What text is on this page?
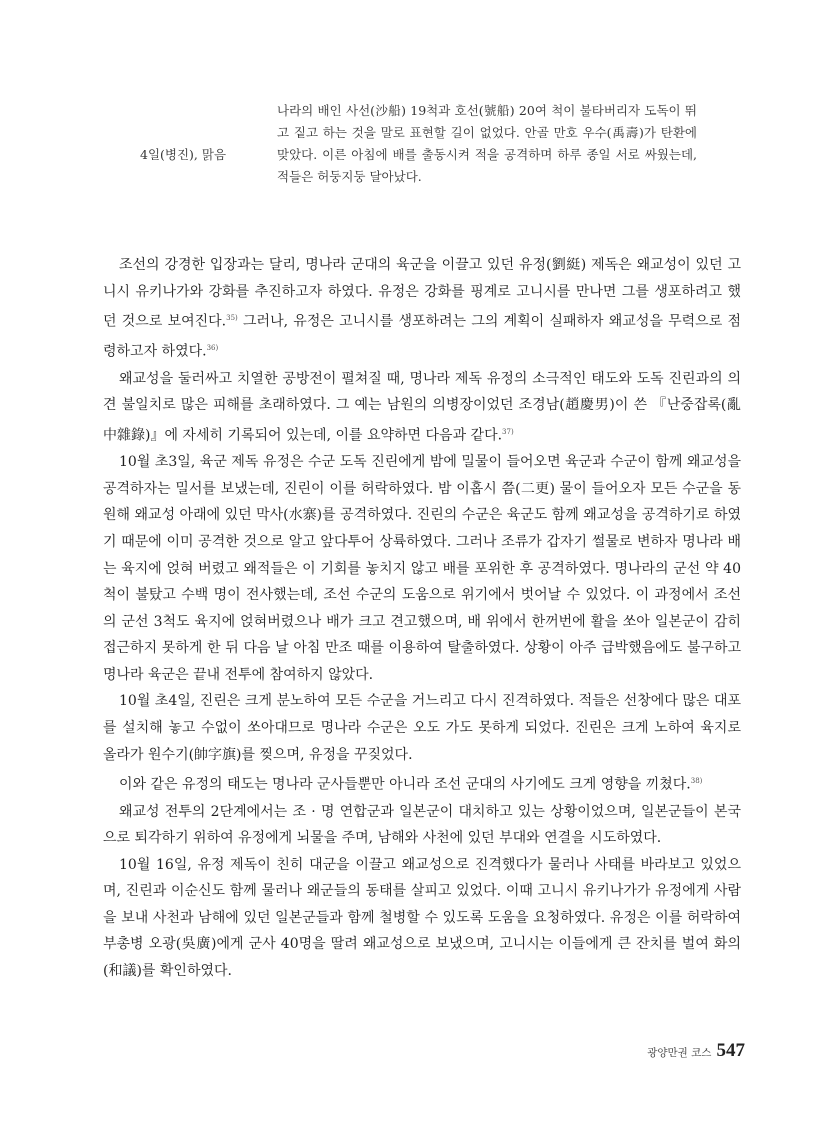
4일(병진), 맑음
나라의 배인 사선(沙船) 19척과 호선(號船) 20여 척이 불타버리자 도독이 뛰고 짙고 하는 것을 말로 표현할 길이 없었다. 안골 만호 우수(禹壽)가 탄환에 맞았다. 이른 아침에 배를 출동시켜 적을 공격하며 하루 종일 서로 싸웠는데, 적들은 허둥지둥 달아났다.

조선의 강경한 입장과는 달리, 명나라 군대의 육군을 이끌고 있던 유정(劉綎) 제독은 왜교성이 있던 고니시 유키나가와 강화를 추진하고자 하였다. 유정은 강화를 핑계로 고니시를 만나면 그를 생포하려고 했던 것으로 보여진다.$^{35)}$ 그러나, 유정은 고니시를 생포하려는 그의 계획이 실패하자 왜교성을 무력으로 점령하고자 하였다.$^{36)}$

왜교성을 둘러싸고 치열한 공방전이 펼쳐질 때, 명나라 제독 유정의 소극적인 태도와 도독 진린과의 의견 불일치로 많은 피해를 초래하였다. 그 예는 남원의 의병장이었던 조경남(趙慶男)이 쓴 『난중잡록(亂中雜錄)』에 자세히 기록되어 있는데, 이를 요약하면 다음과 같다.$^{37)}$

10월 초3일, 육군 제독 유정은 수군 도독 진린에게 밤에 밀물이 들어오면 육군과 수군이 함께 왜교성을 공격하자는 밀서를 보냈는데, 진린이 이를 허락하였다. 밤 이홉시 쯤(二更) 물이 들어오자 모든 수군을 동원해 왜교성 아래에 있던 막사(水寨)를 공격하였다. 진린의 수군은 육군도 함께 왜교성을 공격하기로 하였기 때문에 이미 공격한 것으로 알고 앞다투어 상륙하였다. 그러나 조류가 갑자기 썰물로 변하자 명나라 배는 육지에 얹혀 버렸고 왜적들은 이 기회를 놓치지 않고 배를 포위한 후 공격하였다. 명나라의 군선 약 40척이 불탔고 수백 명이 전사했는데, 조선 수군의 도움으로 위기에서 벗어날 수 있었다. 이 과정에서 조선의 군선 3척도 육지에 얹혀버렸으나 배가 크고 견고했으며, 배 위에서 한꺼번에 활을 쏘아 일본군이 감히 접근하지 못하게 한 뒤 다음 날 아침 만조 때를 이용하여 탈출하였다. 상황이 아주 급박했음에도 불구하고 명나라 육군은 끝내 전투에 참여하지 않았다.

10월 초4일, 진린은 크게 분노하여 모든 수군을 거느리고 다시 진격하였다. 적들은 선창에다 많은 대포를 설치해 놓고 수없이 쏘아대므로 명나라 수군은 오도 가도 못하게 되었다. 진린은 크게 노하여 육지로 올라가 원수기(帥字旗)를 찢으며, 유정을 꾸짖었다.

이와 같은 유정의 태도는 명나라 군사들뿐만 아니라 조선 군대의 사기에도 크게 영향을 끼쳤다.$^{38)}$

왜교성 전투의 2단계에서는 조 · 명 연합군과 일본군이 대치하고 있는 상황이었으며, 일본군들이 본국으로 퇴각하기 위하여 유정에게 뇌물을 주며, 남해와 사천에 있던 부대와 연결을 시도하였다.

10월 16일, 유정 제독이 친히 대군을 이끌고 왜교성으로 진격했다가 물러나 사태를 바라보고 있었으며, 진린과 이순신도 함께 물러나 왜군들의 동태를 살피고 있었다. 이때 고니시 유키나가가 유정에게 사람을 보내 사천과 남해에 있던 일본군들과 함께 철병할 수 있도록 도움을 요청하였다. 유정은 이를 허락하여 부총병 오광(吳廣)에게 군사 40명을 딸려 왜교성으로 보냈으며, 고니시는 이들에게 큰 잔치를 벌여 화의(和議)를 확인하였다.

광양만권 코스 547
